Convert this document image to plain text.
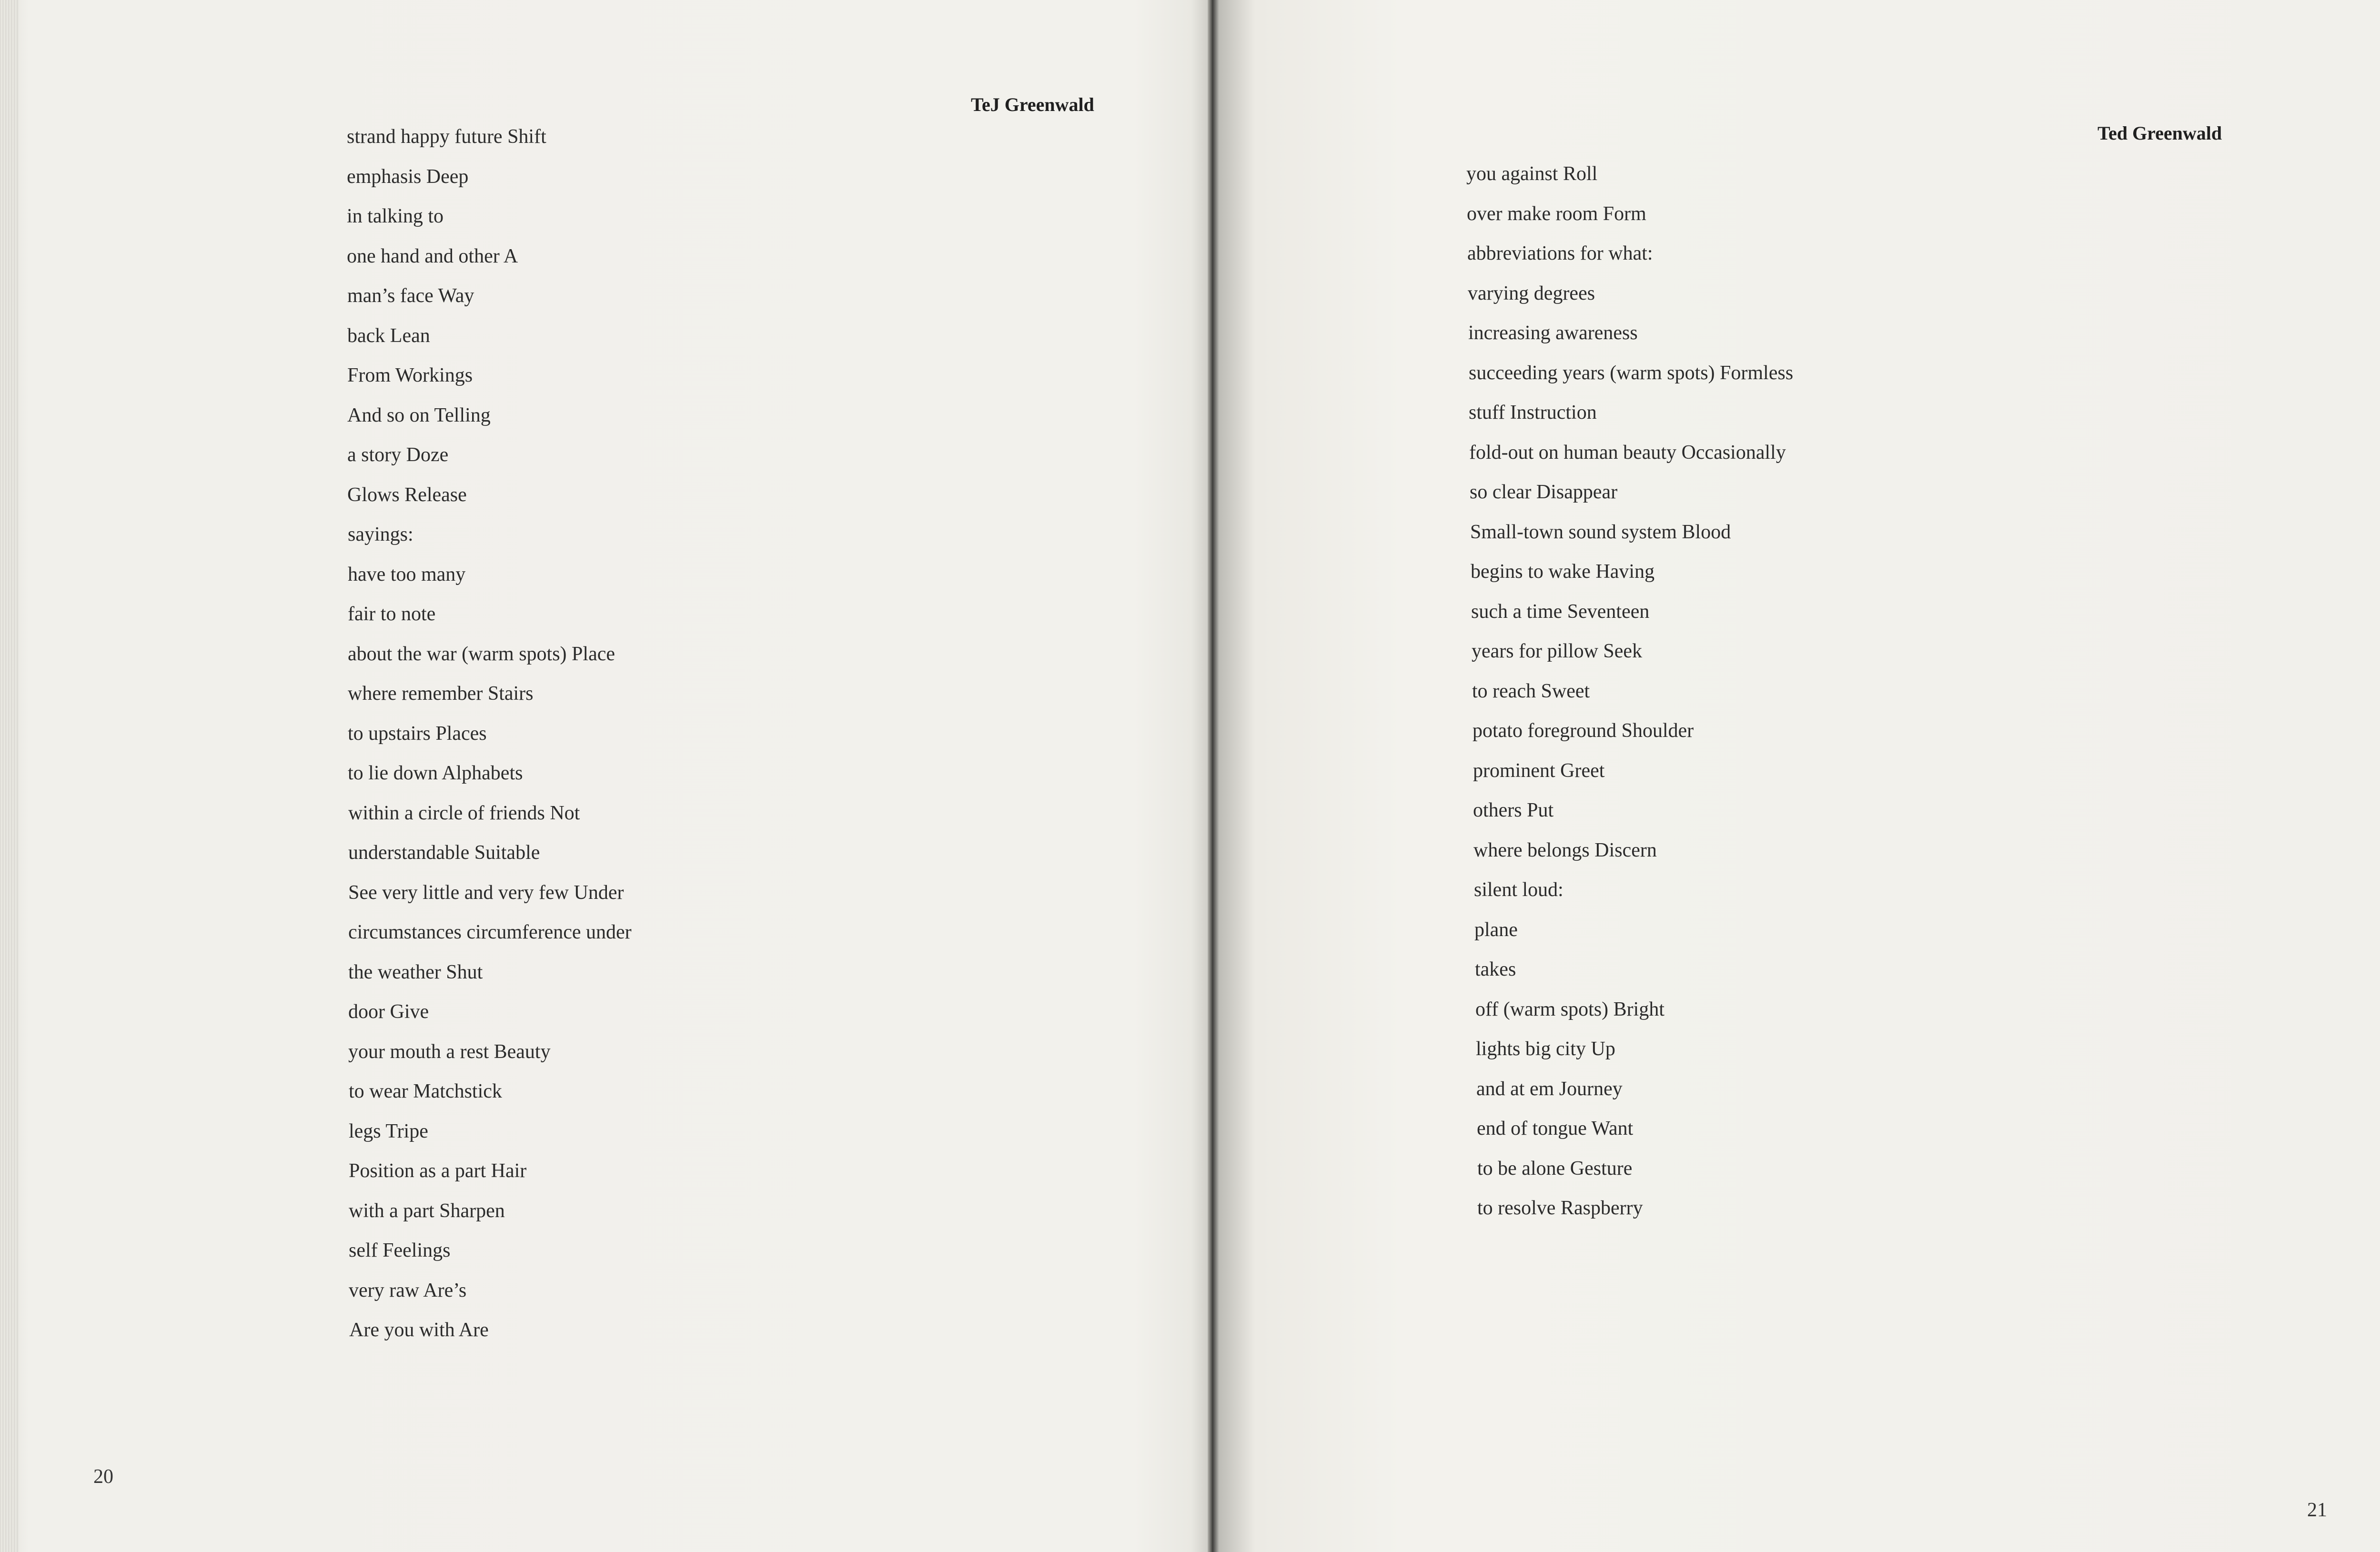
TeJ Greenwald
strand happy future Shift
emphasis Deep
in talking to
one hand and other A
man’s face Way
back Lean
From Workings
And so on Telling
a story Doze
Glows Release
sayings:
have too many
fair to note
about the war (warm spots) Place
where remember Stairs
to upstairs Places
to lie down Alphabets
within a circle of friends Not
understandable Suitable
See very little and very few Under
circumstances circumference under
the weather Shut
door Give
your mouth a rest Beauty
to wear Matchstick
legs Tripe
Position as a part Hair
with a part Sharpen
self Feelings
very raw Are’s
Are you with Are
20
Ted Greenwald
you against Roll
over make room Form
abbreviations for what:
varying degrees
increasing awareness
succeeding years (warm spots) Formless
stuff Instruction
fold-out on human beauty Occasionally
so clear Disappear
Small-town sound system Blood
begins to wake Having
such a time Seventeen
years for pillow Seek
to reach Sweet
potato foreground Shoulder
prominent Greet
others Put
where belongs Discern
silent loud:
plane
takes
off (warm spots) Bright
lights big city Up
and at em Journey
end of tongue Want
to be alone Gesture
to resolve Raspberry
21
